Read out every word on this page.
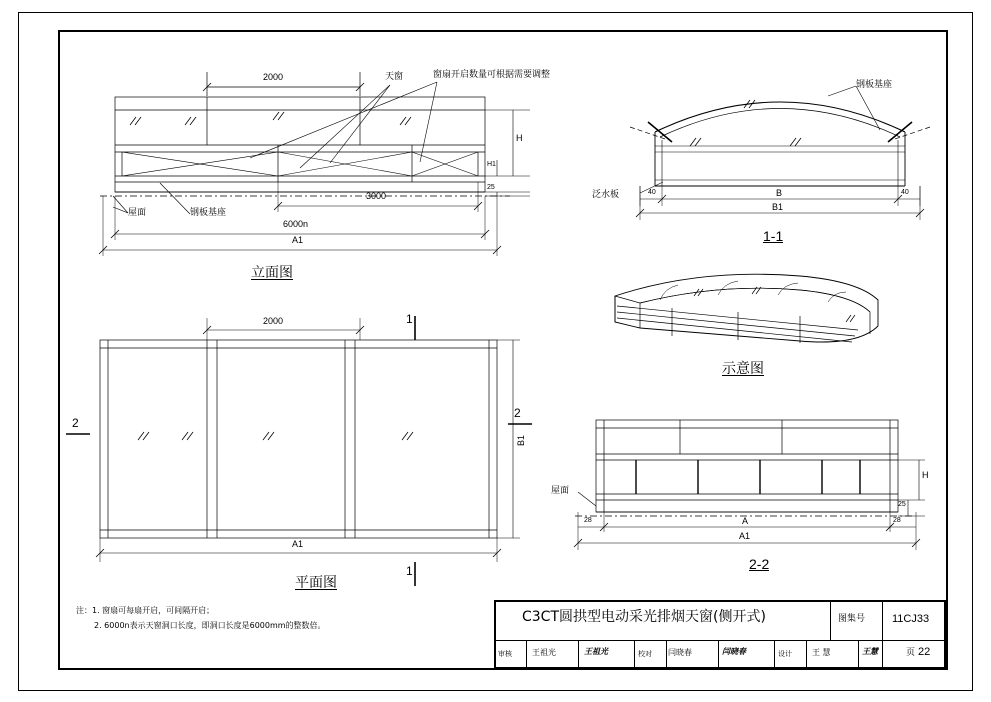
2000
3000
6000n
A1
H
H1
25
屋面	钢板基座
天窗	窗扇开启数量可根据需要调整
立面图
2000
A1
B1
1
1
2
2
平面图
钢板基座
泛水板	40	40
B
B1
1-1
示意图
屋面
28	28
A
A1
H
25
2-2
注：1. 窗扇可每扇开启，可间隔开启；
2. 6000n表示天窗洞口长度，即洞口长度是6000mm的整数倍。
C3CT圆拱型电动采光排烟天窗(侧开式)	图集号 11CJ33
审核	王祖光	王祖光	校对 闫晓春	闫晓春	设计	王 慧	王慧	页 22
